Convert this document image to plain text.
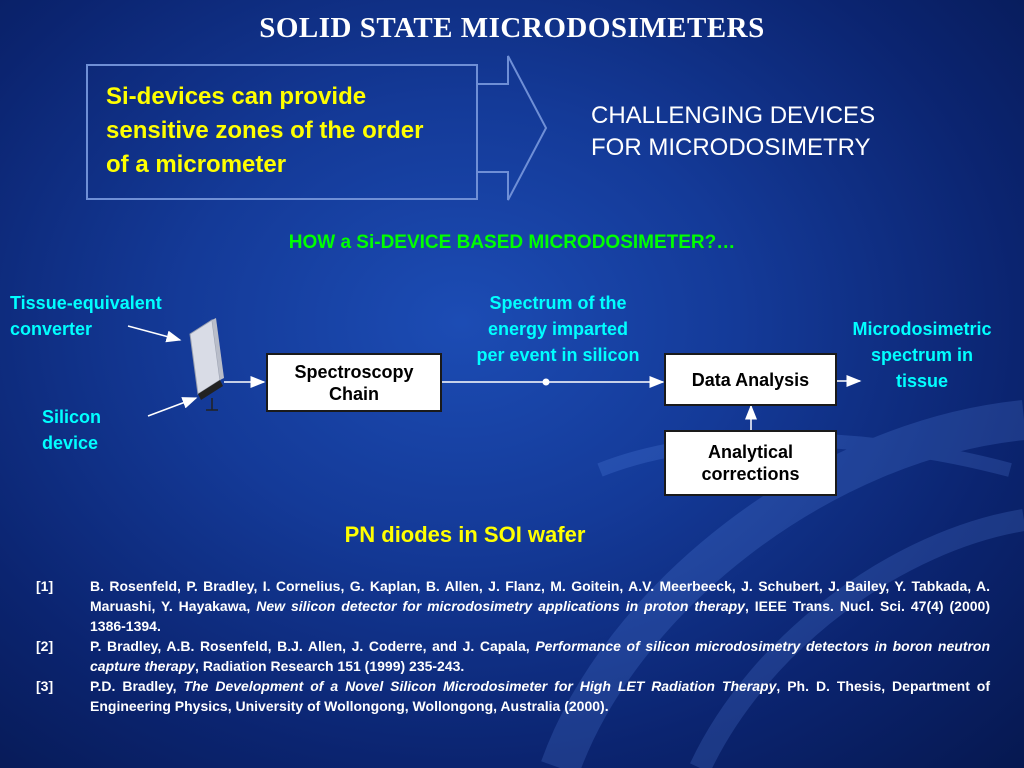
SOLID STATE MICRODOSIMETERS
Si-devices can provide sensitive zones of the order of a micrometer
CHALLENGING DEVICES
FOR MICRODOSIMETRY
HOW a Si-DEVICE BASED MICRODOSIMETER?…
Tissue-equivalent
converter
Silicon
device
Spectroscopy
Chain
Spectrum of the
energy imparted
per event in silicon
Data Analysis
Analytical
corrections
Microdosimetric
spectrum in
tissue
PN diodes in SOI wafer
[1]	B. Rosenfeld, P. Bradley, I. Cornelius, G. Kaplan, B. Allen, J. Flanz, M. Goitein, A.V. Meerbeeck, J. Schubert, J. Bailey, Y. Tabkada, A. Maruashi, Y. Hayakawa, New silicon detector for microdosimetry applications in proton therapy, IEEE Trans. Nucl. Sci. 47(4) (2000) 1386-1394.
[2]	P. Bradley, A.B. Rosenfeld, B.J. Allen, J. Coderre, and J. Capala, Performance of silicon microdosimetry detectors in boron neutron capture therapy, Radiation Research 151 (1999) 235-243.
[3]	P.D. Bradley, The Development of a Novel Silicon Microdosimeter for High LET Radiation Therapy, Ph. D. Thesis, Department of Engineering Physics, University of Wollongong, Wollongong, Australia (2000).
